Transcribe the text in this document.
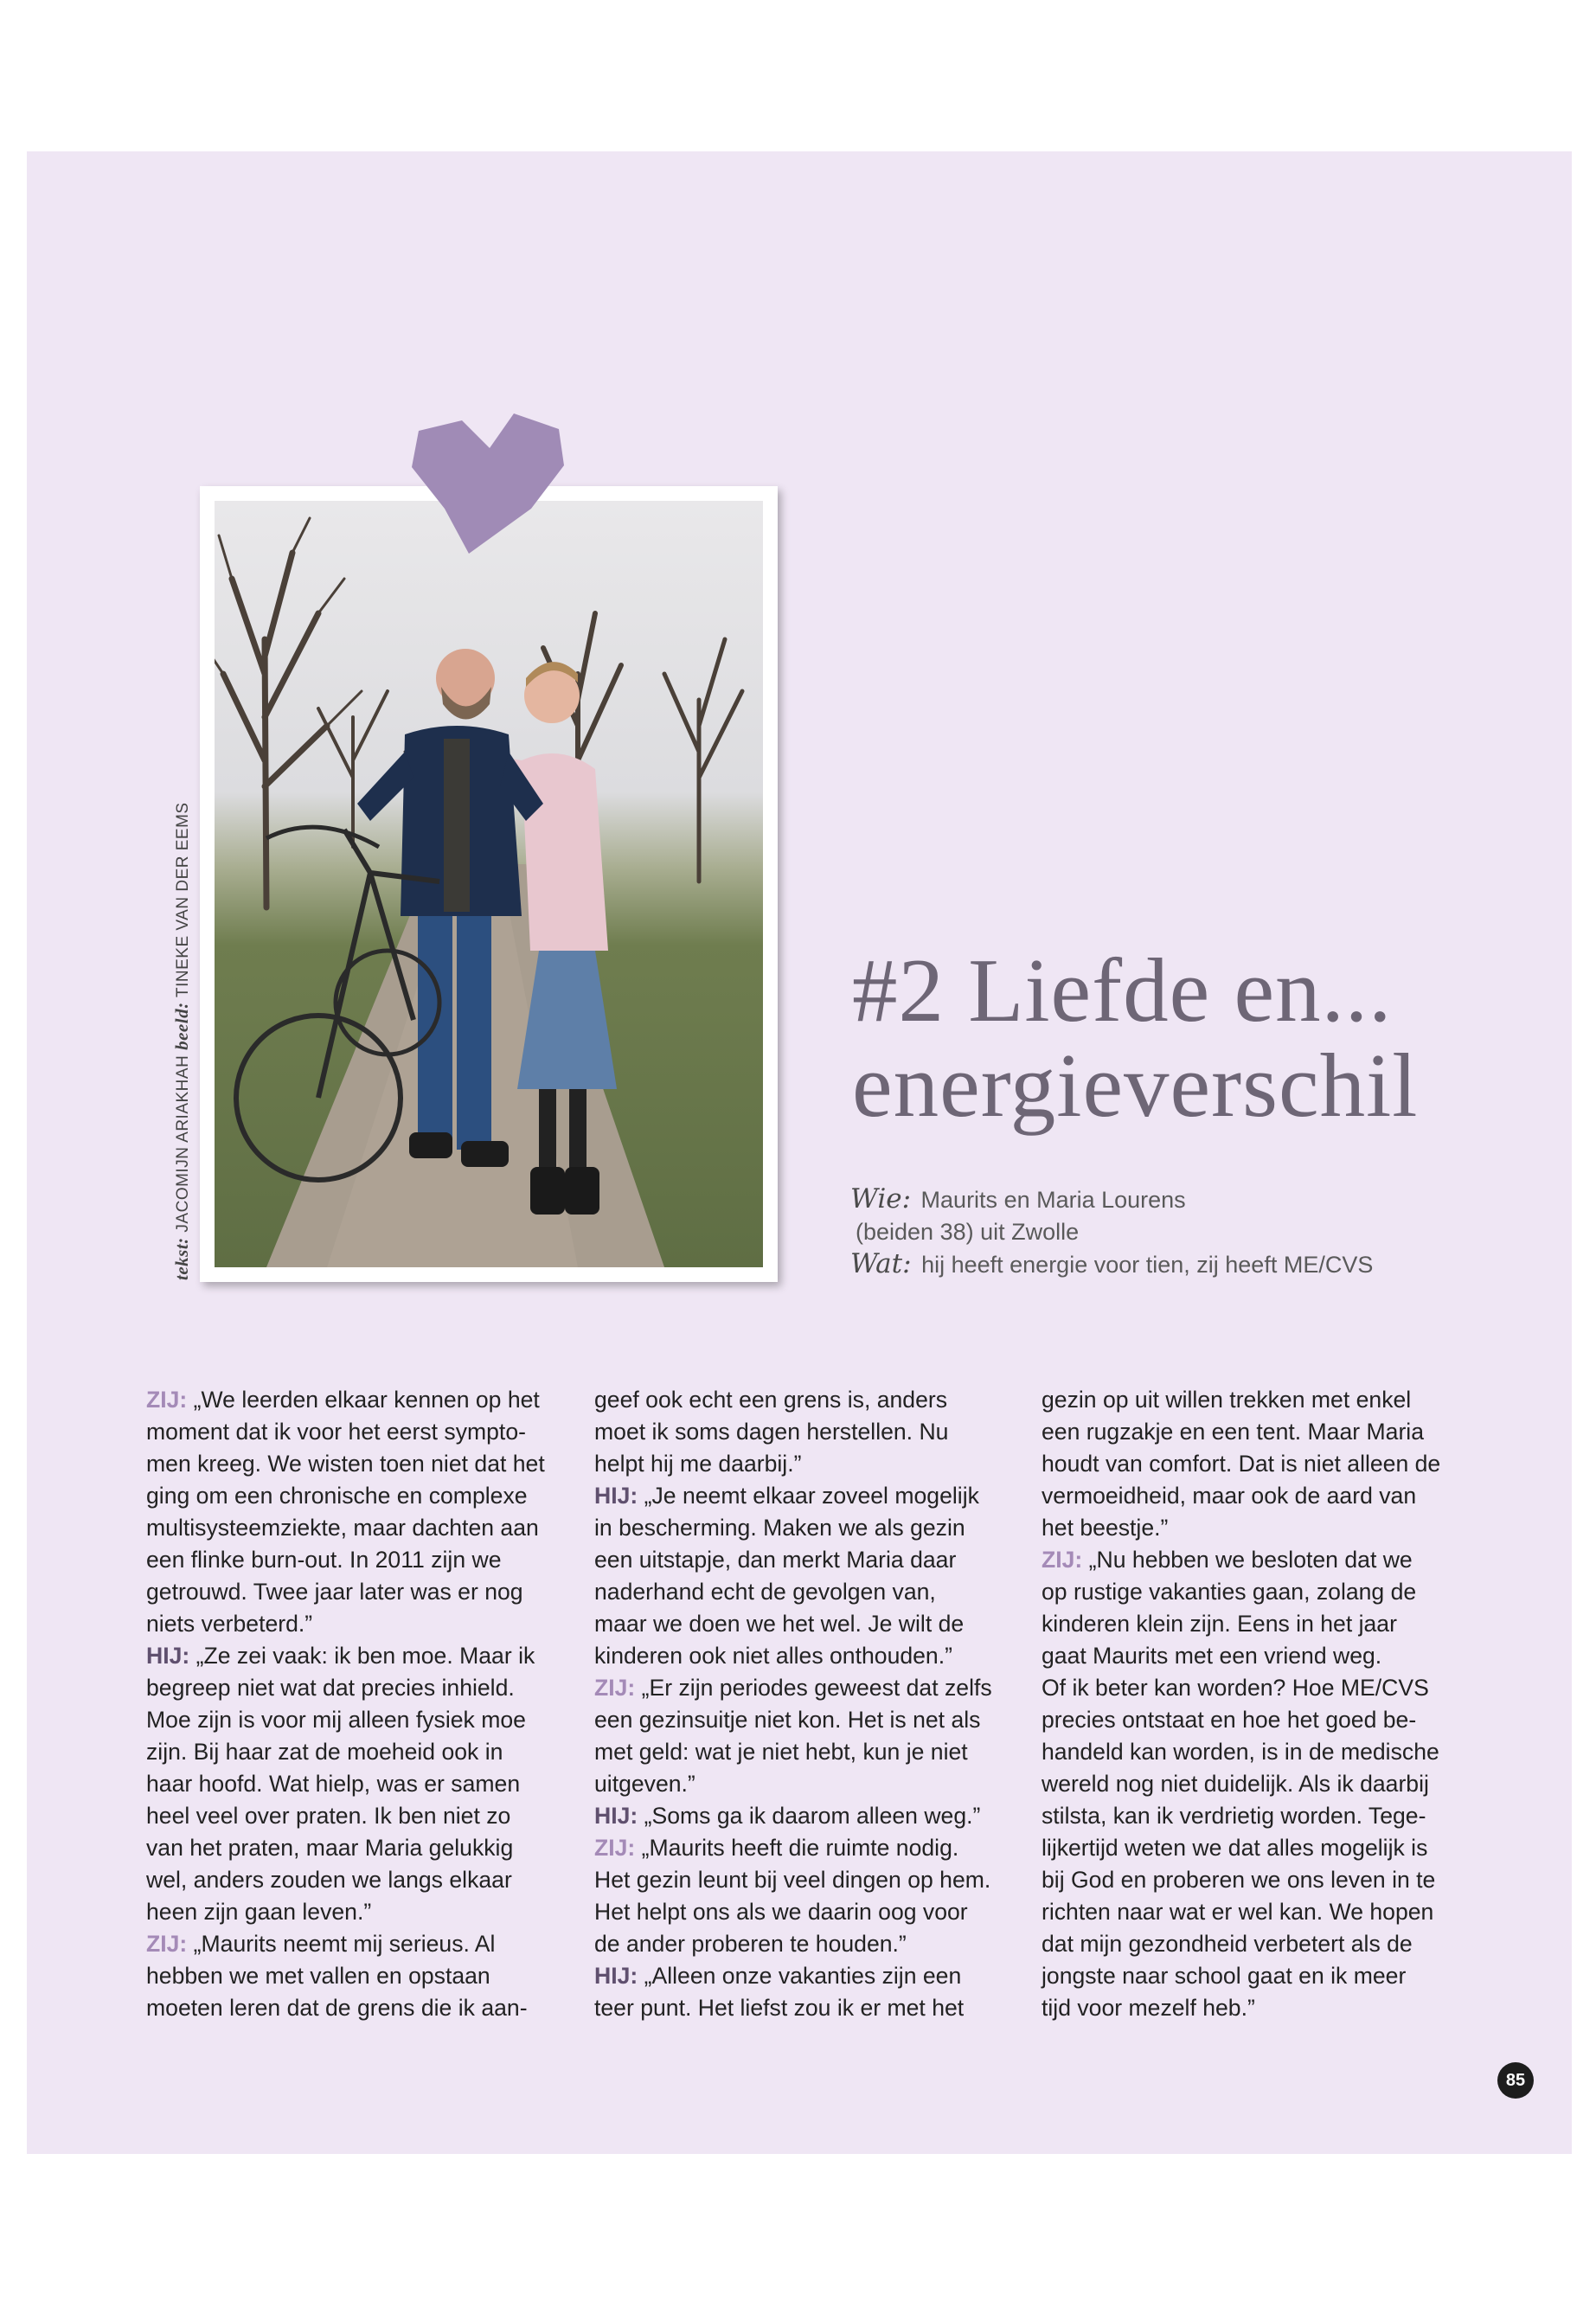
tekst: JACOMIJN ARIAKHAH beeld: TINEKE VAN DER EEMS	#2 Liefde en...
energieverschil
Wie: Maurits en Maria Lourens
(beiden 38) uit Zwolle
Wat: hij heeft energie voor tien, zij heeft ME/CVS
ZIJ: „We leerden elkaar kennen op het
moment dat ik voor het eerst sympto-
men kreeg. We wisten toen niet dat het
ging om een chronische en complexe
multisysteemziekte, maar dachten aan
een flinke burn-out. In 2011 zijn we
getrouwd. Twee jaar later was er nog
niets verbeterd.”
HIJ: „Ze zei vaak: ik ben moe. Maar ik
begreep niet wat dat precies inhield.
Moe zijn is voor mij alleen fysiek moe
zijn. Bij haar zat de moeheid ook in
haar hoofd. Wat hielp, was er samen
heel veel over praten. Ik ben niet zo
van het praten, maar Maria gelukkig
wel, anders zouden we langs elkaar
heen zijn gaan leven.”
ZIJ: „Maurits neemt mij serieus. Al
hebben we met vallen en opstaan
moeten leren dat de grens die ik aan-
geef ook echt een grens is, anders
moet ik soms dagen herstellen. Nu
helpt hij me daarbij.”
HIJ: „Je neemt elkaar zoveel mogelijk
in bescherming. Maken we als gezin
een uitstapje, dan merkt Maria daar
naderhand echt de gevolgen van,
maar we doen we het wel. Je wilt de
kinderen ook niet alles onthouden.”
ZIJ: „Er zijn periodes geweest dat zelfs
een gezinsuitje niet kon. Het is net als
met geld: wat je niet hebt, kun je niet
uitgeven.”
HIJ: „Soms ga ik daarom alleen weg.”
ZIJ: „Maurits heeft die ruimte nodig.
Het gezin leunt bij veel dingen op hem.
Het helpt ons als we daarin oog voor
de ander proberen te houden.”
HIJ: „Alleen onze vakanties zijn een
teer punt. Het liefst zou ik er met het
gezin op uit willen trekken met enkel
een rugzakje en een tent. Maar Maria
houdt van comfort. Dat is niet alleen de
vermoeidheid, maar ook de aard van
het beestje.”
ZIJ: „Nu hebben we besloten dat we
op rustige vakanties gaan, zolang de
kinderen klein zijn. Eens in het jaar
gaat Maurits met een vriend weg.
Of ik beter kan worden? Hoe ME/CVS
precies ontstaat en hoe het goed be-
handeld kan worden, is in de medische
wereld nog niet duidelijk. Als ik daarbij
stilsta, kan ik verdrietig worden. Tege-
lijkertijd weten we dat alles mogelijk is
bij God en proberen we ons leven in te
richten naar wat er wel kan. We hopen
dat mijn gezondheid verbetert als de
jongste naar school gaat en ik meer
tijd voor mezelf heb.”
85
